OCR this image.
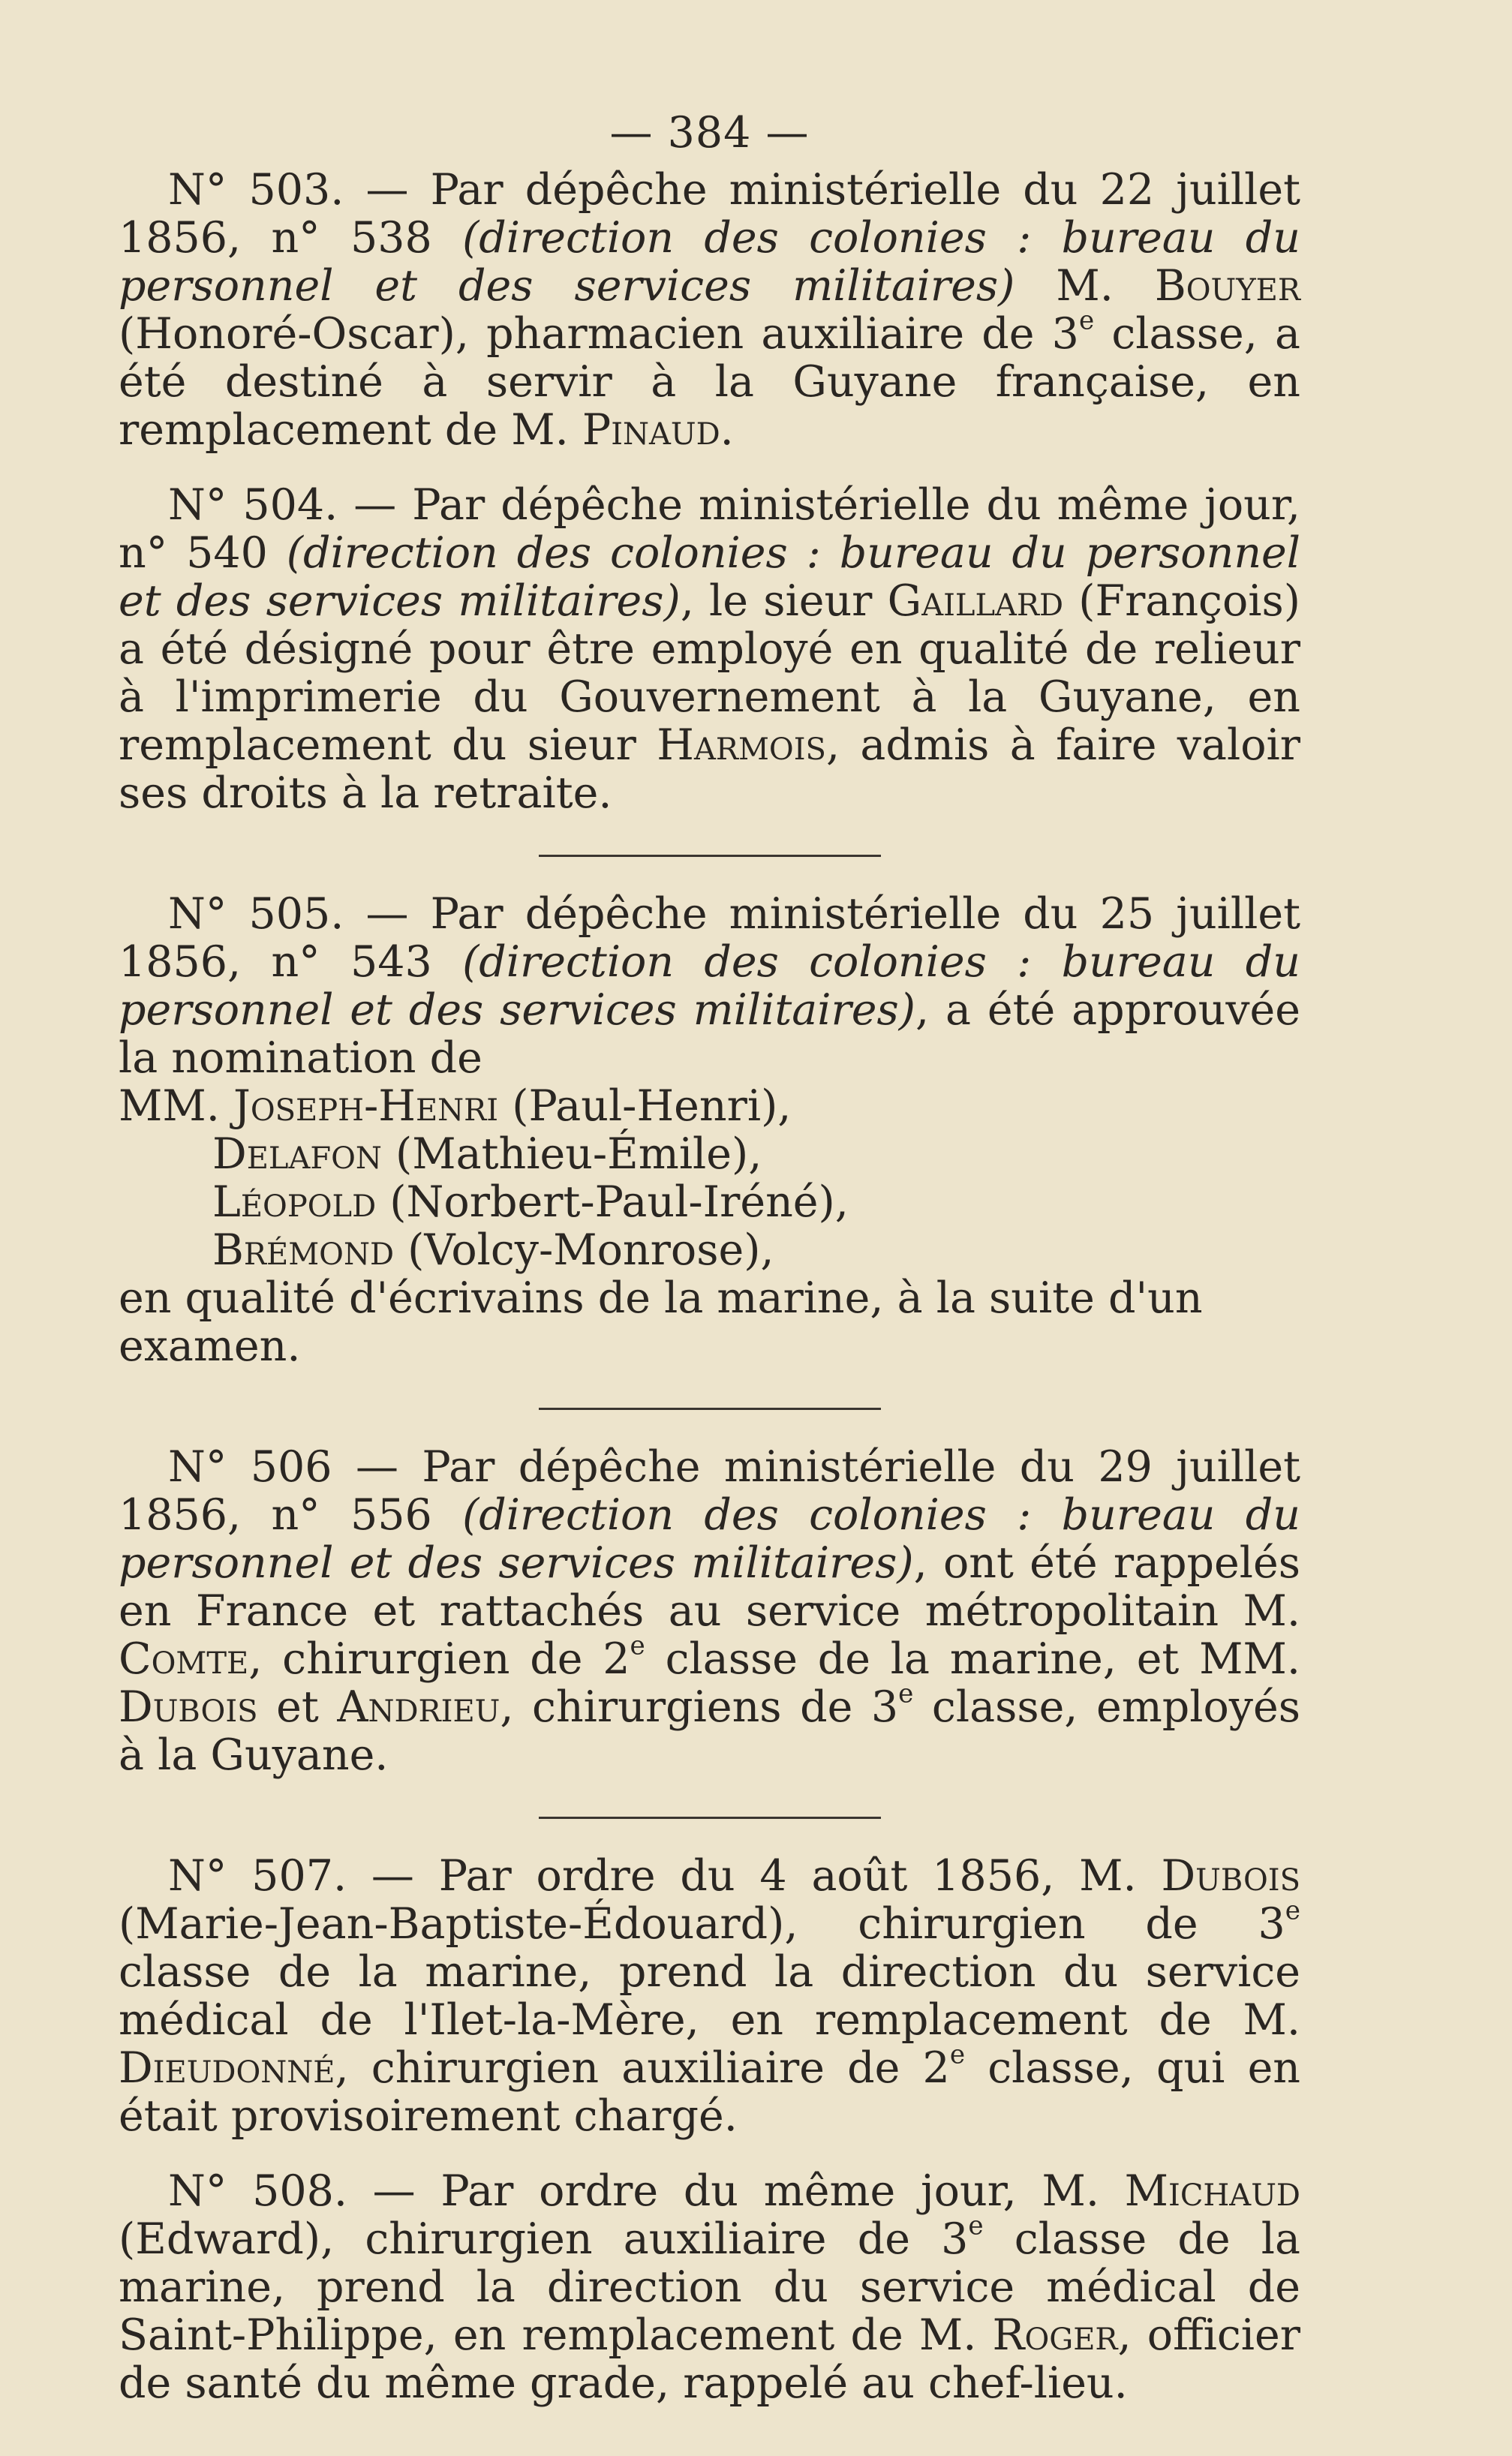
— 384 —

N° 503. — Par dépêche ministérielle du 22 juillet 1856, n° 538 (direction des colonies : bureau du personnel et des services militaires) M. Bouyer (Honoré-Oscar), pharmacien auxiliaire de 3e classe, a été destiné à servir à la Guyane française, en remplacement de M. Pinaud.

N° 504. — Par dépêche ministérielle du même jour, n° 540 (direction des colonies : bureau du personnel et des services militaires), le sieur Gaillard (François) a été désigné pour être employé en qualité de relieur à l'imprimerie du Gouvernement à la Guyane, en remplacement du sieur Harmois, admis à faire valoir ses droits à la retraite.

N° 505. — Par dépêche ministérielle du 25 juillet 1856, n° 543 (direction des colonies : bureau du personnel et des services militaires), a été approuvée la nomination de

MM. Joseph-Henri (Paul-Henri),

Delafon (Mathieu-Émile),
Léopold (Norbert-Paul-Iréné),
Brémond (Volcy-Monrose),

en qualité d'écrivains de la marine, à la suite d'un examen.

N° 506 — Par dépêche ministérielle du 29 juillet 1856, n° 556 (direction des colonies : bureau du personnel et des services militaires), ont été rappelés en France et rattachés au service métropolitain M. Comte, chirurgien de 2e classe de la marine, et MM. Dubois et Andrieu, chirurgiens de 3e classe, employés à la Guyane.

N° 507. — Par ordre du 4 août 1856, M. Dubois (Marie-Jean-Baptiste-Édouard), chirurgien de 3e classe de la marine, prend la direction du service médical de l'Ilet-la-Mère, en remplacement de M. Dieudonné, chirurgien auxiliaire de 2e classe, qui en était provisoirement chargé.

N° 508. — Par ordre du même jour, M. Michaud (Edward), chirurgien auxiliaire de 3e classe de la marine, prend la direction du service médical de Saint-Philippe, en remplacement de M. Roger, officier de santé du même grade, rappelé au chef-lieu.
